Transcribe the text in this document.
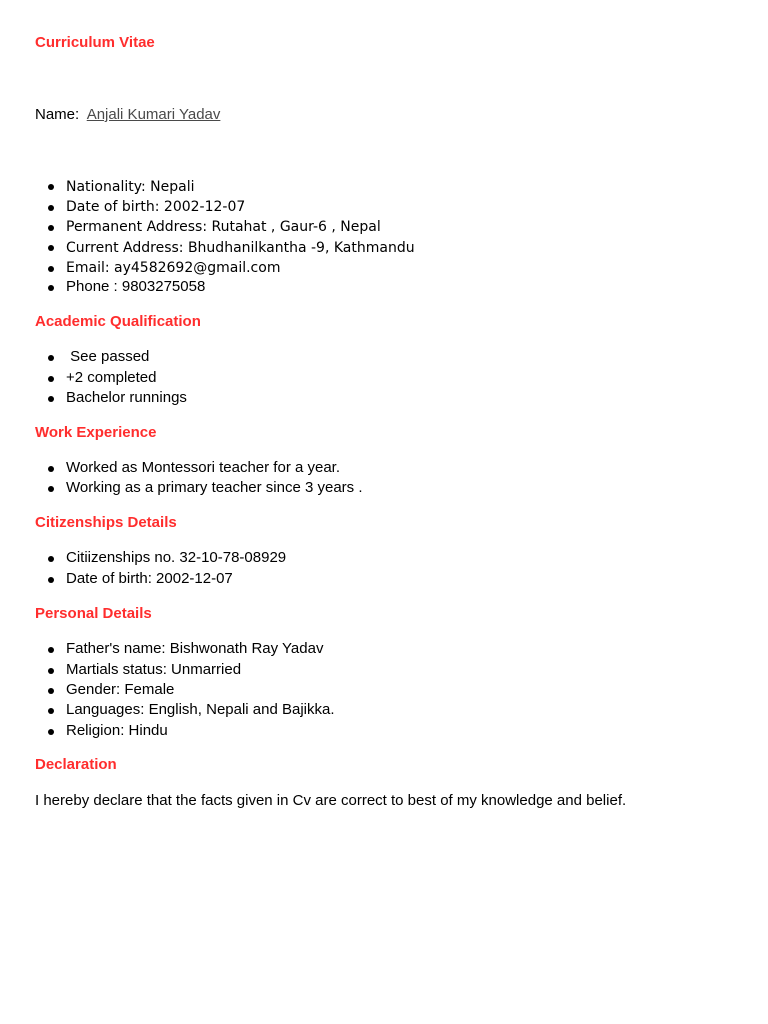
Curriculum Vitae
Name: Anjali Kumari Yadav
Nationality: Nepali
Date of birth: 2002-12-07
Permanent Address: Rutahat , Gaur-6 , Nepal
Current Address: Bhudhanilkantha -9, Kathmandu
Email: ay4582692@gmail.com
Phone : 9803275058
Academic Qualification
See passed
+2 completed
Bachelor runnings
Work Experience
Worked as Montessori teacher for a year.
Working as a primary teacher since 3 years .
Citizenships Details
Citiizenships no. 32-10-78-08929
Date of birth: 2002-12-07
Personal Details
Father's name: Bishwonath Ray Yadav
Martials status: Unmarried
Gender: Female
Languages: English, Nepali and Bajikka.
Religion: Hindu
Declaration
I hereby declare that the facts given in Cv are correct to best of my knowledge and belief.
